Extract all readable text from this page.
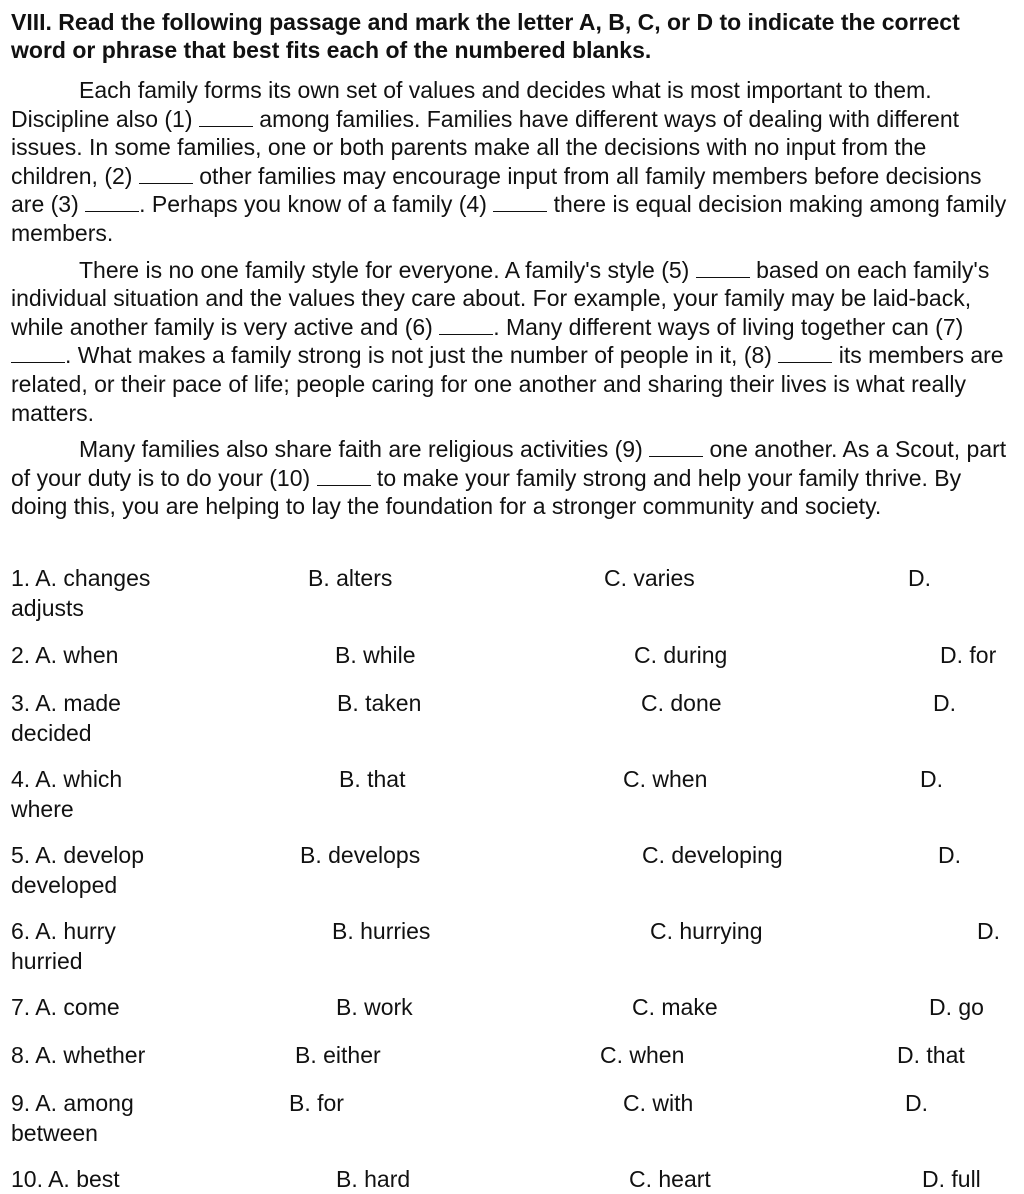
VIII. Read the following passage and mark the letter A, B, C, or D to indicate the correct word or phrase that best fits each of the numbered blanks.

Each family forms its own set of values and decides what is most important to them. Discipline also (1)  among families. Families have different ways of dealing with different issues. In some families, one or both parents make all the decisions with no input from the children, (2)  other families may encourage input from all family members before decisions are (3) . Perhaps you know of a family (4)  there is equal decision making among family members.

There is no one family style for everyone. A family's style (5)  based on each family's individual situation and the values they care about. For example, your family may be laid-back, while another family is very active and (6) . Many different ways of living together can (7) . What makes a family strong is not just the number of people in it, (8)  its members are related, or their pace of life; people caring for one another and sharing their lives is what really matters.

Many families also share faith are religious activities (9)  one another. As a Scout, part of your duty is to do your (10)  to make your family strong and help your family thrive. By doing this, you are helping to lay the foundation for a stronger community and society.

1. A. changes	B. alters	C. varies	D.
adjusts
2. A. when	B. while	C. during	D. for
3. A. made	B. taken	C. done	D.
decided
4. A. which	B. that	C. when	D.
where
5. A. develop	B. develops	C. developing	D.
developed
6. A. hurry	B. hurries	C. hurrying	D.
hurried
7. A. come	B. work	C. make	D. go
8. A. whether	B. either	C. when	D. that
9. A. among	B. for	C. with	D.
between
10. A. best	B. hard	C. heart	D. full
